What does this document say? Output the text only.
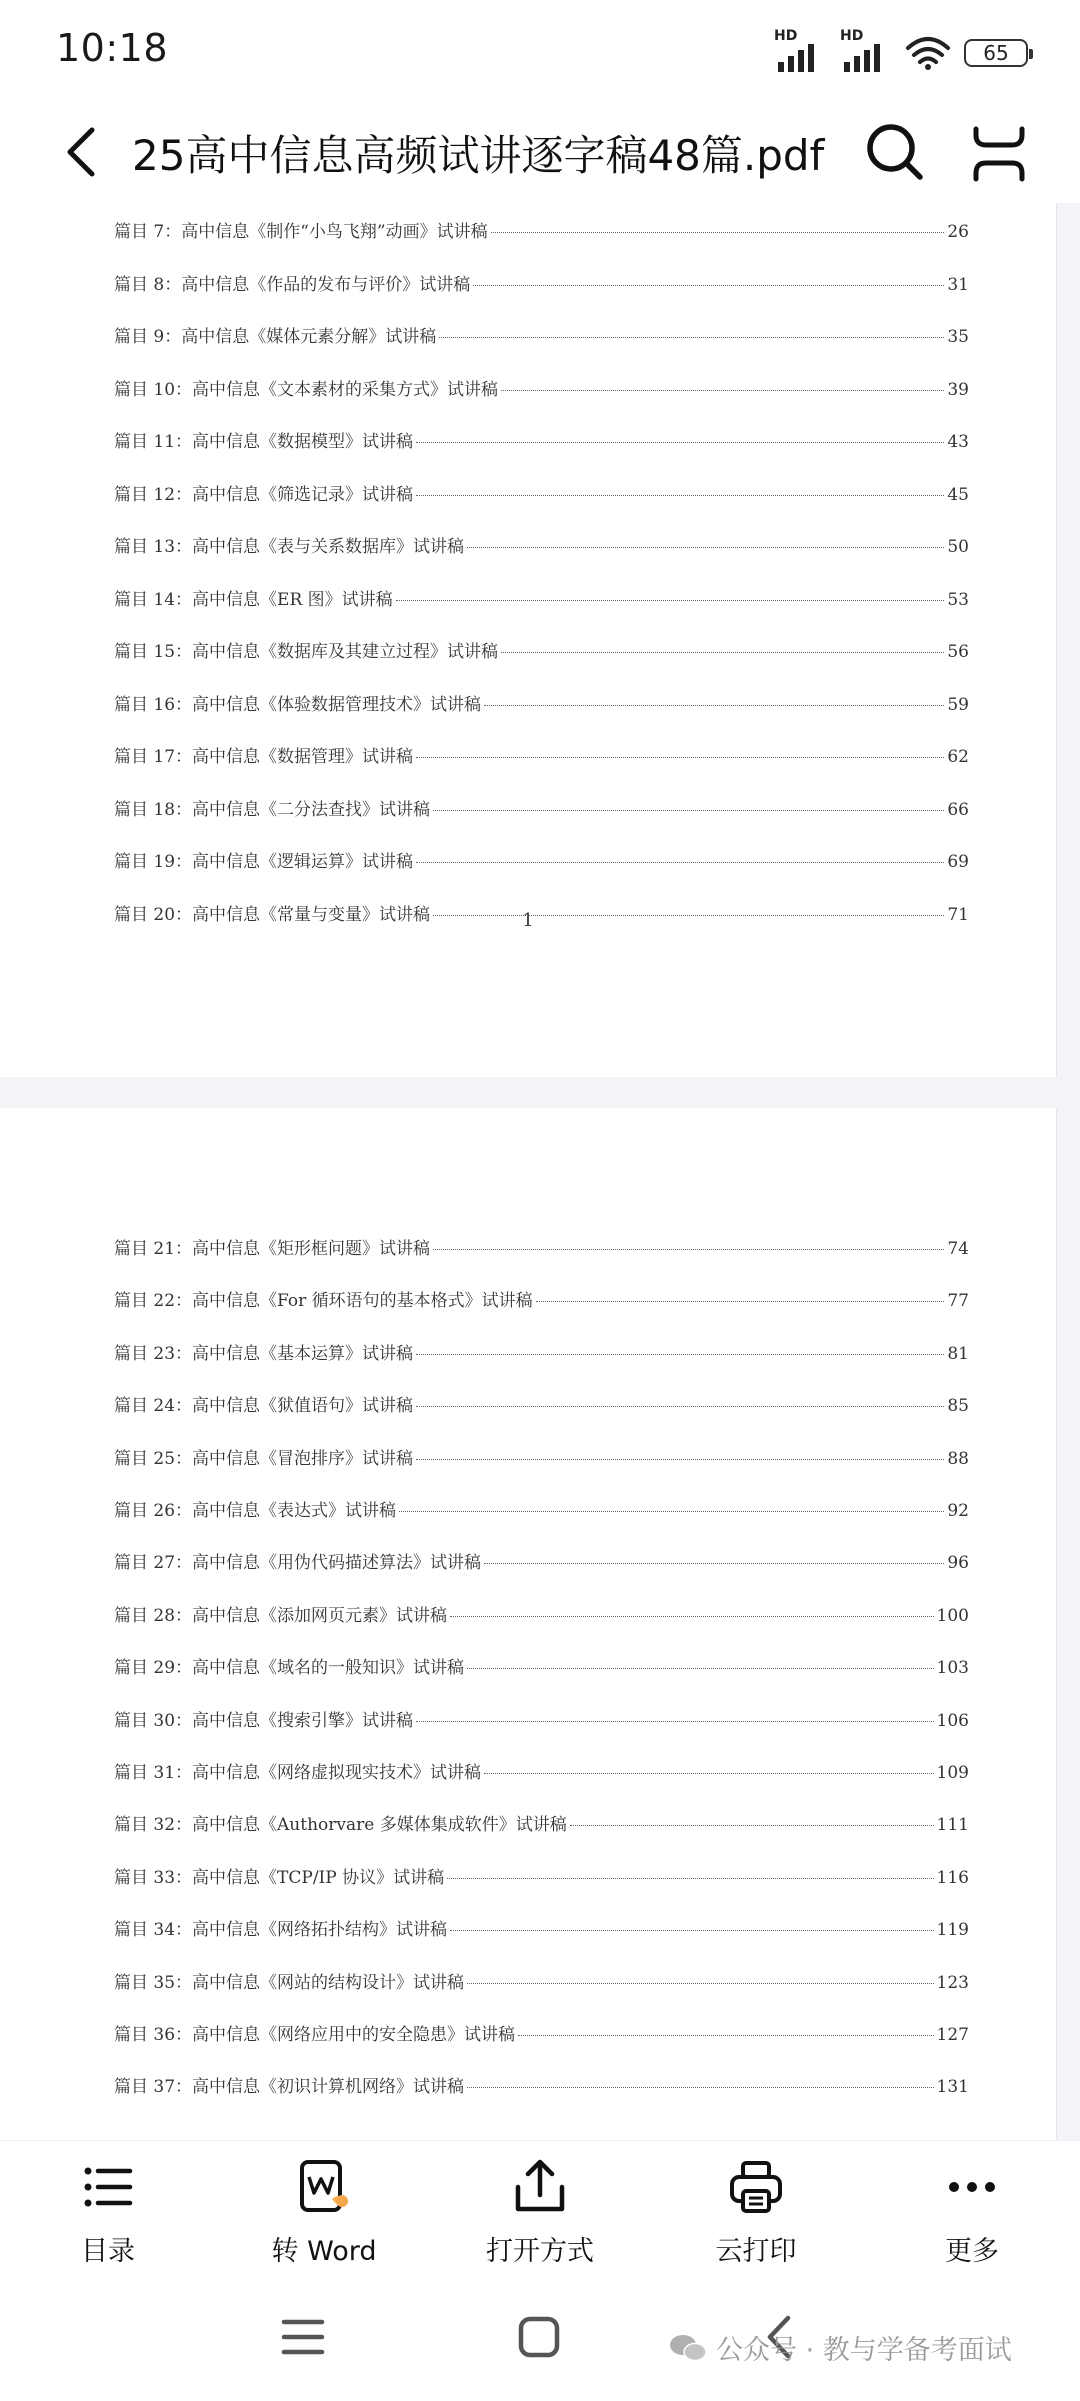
10:18	HD	HD
65
25高中信息高频试讲逐字稿48篇.pdf
1
篇目 7：高中信息《制作“小鸟飞翔”动画》试讲稿	26
篇目 8：高中信息《作品的发布与评价》试讲稿	31
篇目 9：高中信息《媒体元素分解》试讲稿	35
篇目 10：高中信息《文本素材的采集方式》试讲稿	39
篇目 11：高中信息《数据模型》试讲稿	43
篇目 12：高中信息《筛选记录》试讲稿	45
篇目 13：高中信息《表与关系数据库》试讲稿	50
篇目 14：高中信息《ER 图》试讲稿	53
篇目 15：高中信息《数据库及其建立过程》试讲稿	56
篇目 16：高中信息《体验数据管理技术》试讲稿	59
篇目 17：高中信息《数据管理》试讲稿	62
篇目 18：高中信息《二分法查找》试讲稿	66
篇目 19：高中信息《逻辑运算》试讲稿	69
篇目 20：高中信息《常量与变量》试讲稿	71
篇目 21：高中信息《矩形框问题》试讲稿	74
篇目 22：高中信息《For 循环语句的基本格式》试讲稿	77
篇目 23：高中信息《基本运算》试讲稿	81
篇目 24：高中信息《狱值语句》试讲稿	85
篇目 25：高中信息《冒泡排序》试讲稿	88
篇目 26：高中信息《表达式》试讲稿	92
篇目 27：高中信息《用伪代码描述算法》试讲稿	96
篇目 28：高中信息《添加网页元素》试讲稿	100
篇目 29：高中信息《域名的一般知识》试讲稿	103
篇目 30：高中信息《搜索引擎》试讲稿	106
篇目 31：高中信息《网络虚拟现实技术》试讲稿	109
篇目 32：高中信息《Authorvare 多媒体集成软件》试讲稿	111
篇目 33：高中信息《TCP/IP 协议》试讲稿	116
篇目 34：高中信息《网络拓扑结构》试讲稿	119
篇目 35：高中信息《网站的结构设计》试讲稿	123
篇目 36：高中信息《网络应用中的安全隐患》试讲稿	127
篇目 37：高中信息《初识计算机网络》试讲稿	131
目录	转 Word	打开方式	云打印	更多
公众号 · 教与学备考面试
